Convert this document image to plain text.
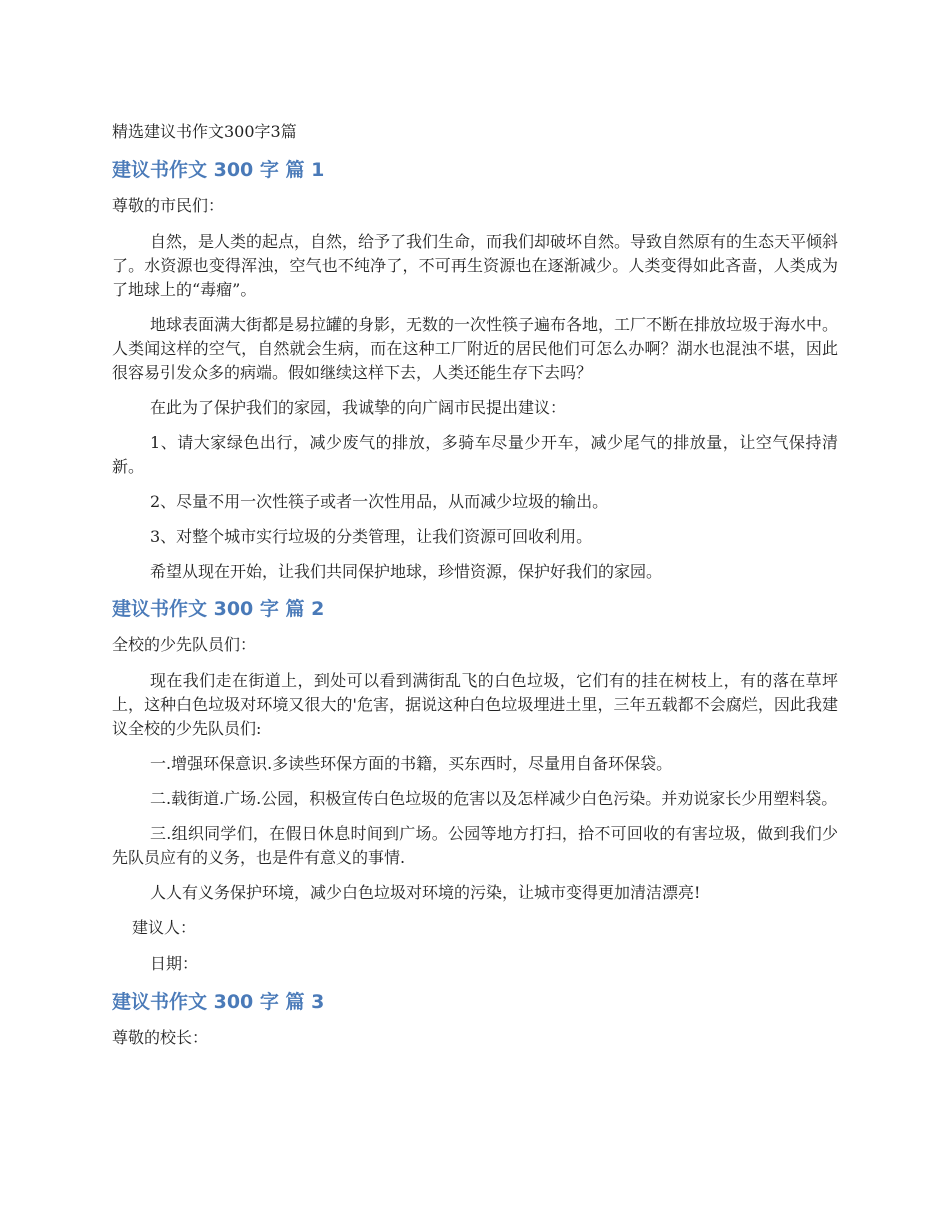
精选建议书作文300字3篇
建议书作文 300 字 篇 1
尊敬的市民们：

自然，是人类的起点，自然，给予了我们生命，而我们却破坏自然。导致自然原有的生态天平倾斜了。水资源也变得浑浊，空气也不纯净了，不可再生资源也在逐渐减少。人类变得如此吝啬，人类成为了地球上的“毒瘤”。

地球表面满大街都是易拉罐的身影，无数的一次性筷子遍布各地，工厂不断在排放垃圾于海水中。人类闻这样的空气，自然就会生病，而在这种工厂附近的居民他们可怎么办啊？湖水也混浊不堪，因此很容易引发众多的病端。假如继续这样下去，人类还能生存下去吗？

在此为了保护我们的家园，我诚挚的向广阔市民提出建议：

1、请大家绿色出行，减少废气的排放，多骑车尽量少开车，减少尾气的排放量，让空气保持清新。

2、尽量不用一次性筷子或者一次性用品，从而减少垃圾的输出。

3、对整个城市实行垃圾的分类管理，让我们资源可回收利用。

希望从现在开始，让我们共同保护地球，珍惜资源，保护好我们的家园。

建议书作文 300 字 篇 2
全校的少先队员们：

现在我们走在街道上，到处可以看到满街乱飞的白色垃圾，它们有的挂在树枝上，有的落在草坪上，这种白色垃圾对环境又很大的'危害，据说这种白色垃圾埋进土里，三年五载都不会腐烂，因此我建议全校的少先队员们:

一.增强环保意识.多读些环保方面的书籍，买东西时，尽量用自备环保袋。

二.载街道.广场.公园，积极宣传白色垃圾的危害以及怎样减少白色污染。并劝说家长少用塑料袋。

三.组织同学们，在假日休息时间到广场。公园等地方打扫，拾不可回收的有害垃圾，做到我们少先队员应有的义务，也是件有意义的事情.

人人有义务保护环境，减少白色垃圾对环境的污染，让城市变得更加清洁漂亮!

建议人：
日期：
建议书作文 300 字 篇 3
尊敬的校长：
